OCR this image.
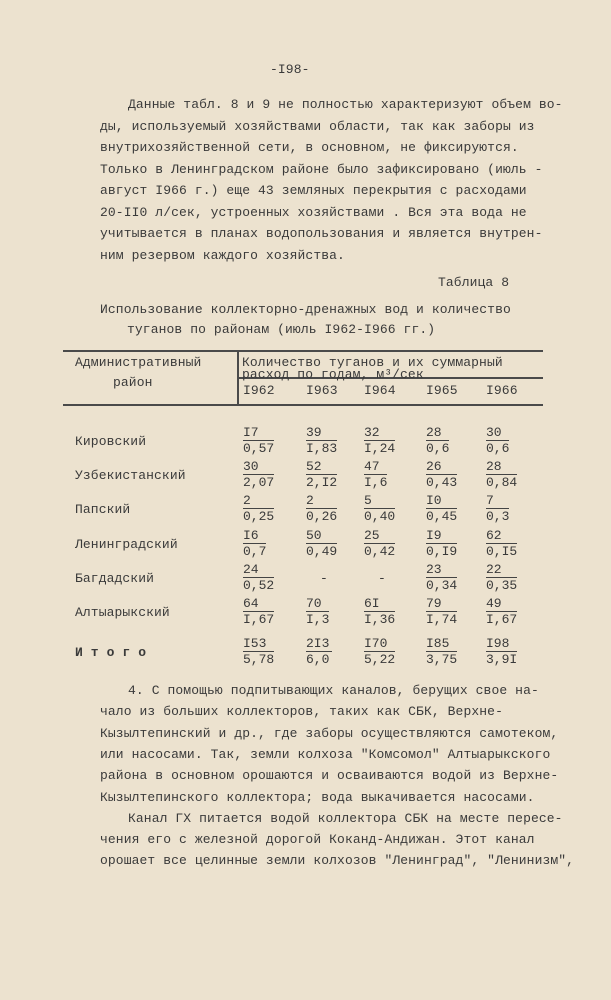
-I98-
Данные табл. 8 и 9 не полностью характеризуют объем во-
ды, используемый хозяйствами области, так как заборы из
внутрихозяйственной сети, в основном, не фиксируются.
Только в Ленинградском районе было зафиксировано (июль -
август I966 г.) еще 43 земляных перекрытия с расходами
20-II0 л/сек, устроенных хозяйствами . Вся эта вода не
учитывается в планах водопользования и является внутрен-
ним резервом каждого хозяйства.
Таблица 8
Использование коллекторно-дренажных вод и количество
туганов по районам (июль I962-I966 гг.)
Административный
район
Количество туганов и их суммарный
расход по годам, м³/сек
I962 I963 I964 I965 I966
Кировский	$\frac{I7}{0,57} \frac{39}{I,83} \frac{32}{I,24} \frac{28}{0,6}$	$\frac{30}{0,6}$
Узбекистанский	$\frac{30}{2,07} \frac{52}{2,I2} \frac{47}{I,6}$	$\frac{26}{0,43} \frac{28}{0,84}$
Папский	$\frac{2}{0,25} \frac{2}{0,26} \frac{5}{0,40} \frac{I0}{0,45} \frac{7}{0,3}$
Ленинградский	$\frac{I6}{0,7}$	$\frac{50}{0,49} \frac{25}{0,42} \frac{I9}{0,I9} \frac{62}{0,I5}$
Багдадский	$\frac{24}{0,52}$	-	-	$\frac{23}{0,34} \frac{22}{0,35}$
Алтыарыкский	$\frac{64}{I,67} \frac{70}{I,3}$	$\frac{6I}{I,36} \frac{79}{I,74} \frac{49}{I,67}$
И т о г о	$\frac{I53}{5,78} \frac{2I3}{6,0} \frac{I70}{5,22} \frac{I85}{3,75} \frac{I98}{3,9I}$
4. С помощью подпитывающих каналов, берущих свое на-
чало из больших коллекторов, таких как СБК, Верхне-
Кызылтепинский и др., где заборы осуществляются самотеком,
или насосами. Так, земли колхоза "Комсомол" Алтыарыкского
района в основном орошаются и осваиваются водой из Верхне-
Кызылтепинского коллектора; вода выкачивается насосами.
Канал ГХ питается водой коллектора СБК на месте пересе-
чения его с железной дорогой Коканд-Андижан. Этот канал
орошает все целинные земли колхозов "Ленинград", "Ленинизм",
